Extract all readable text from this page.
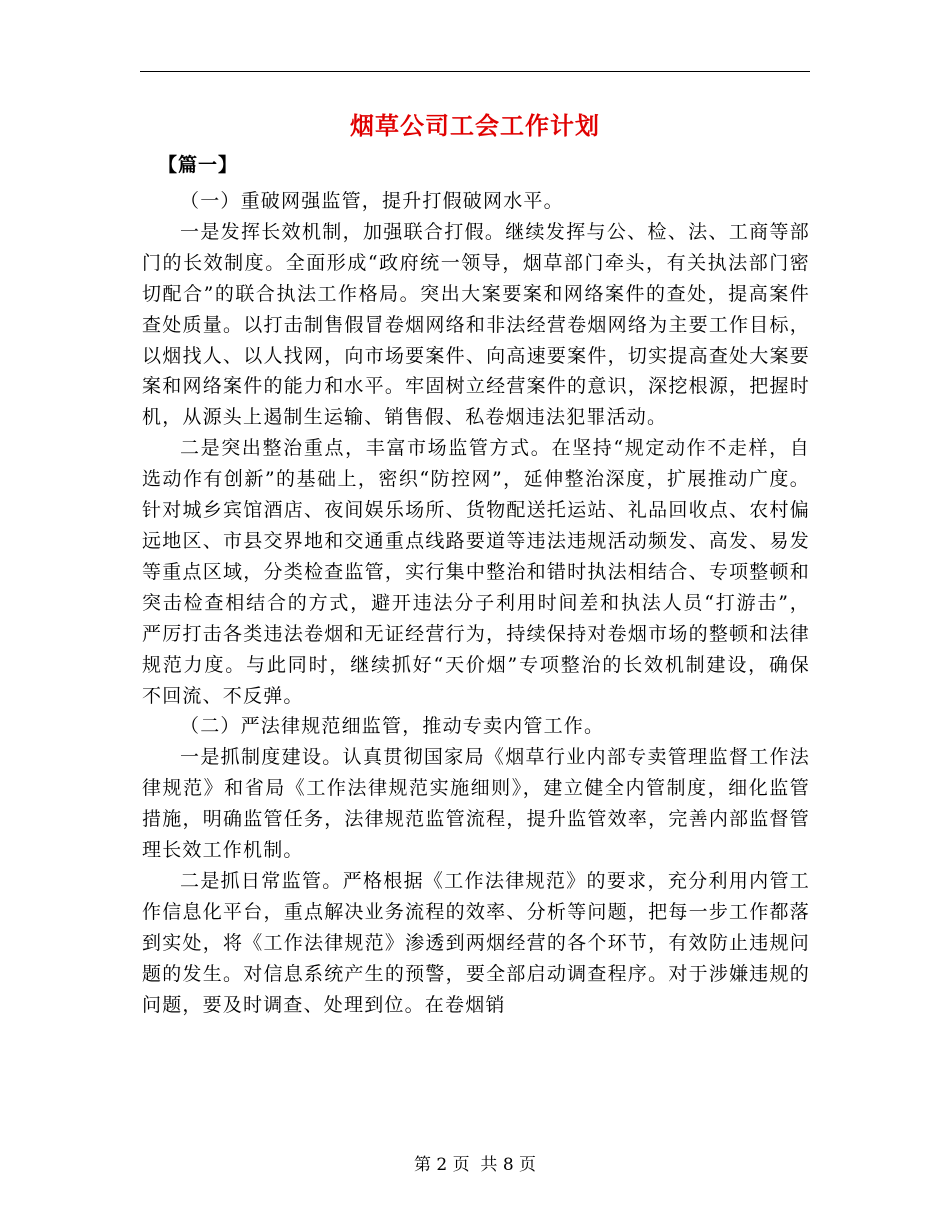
烟草公司工会工作计划
【篇一】

（一）重破网强监管，提升打假破网水平。

一是发挥长效机制，加强联合打假。继续发挥与公、检、法、工商等部门的长效制度。全面形成“政府统一领导，烟草部门牵头，有关执法部门密切配合”的联合执法工作格局。突出大案要案和网络案件的查处，提高案件查处质量。以打击制售假冒卷烟网络和非法经营卷烟网络为主要工作目标，以烟找人、以人找网，向市场要案件、向高速要案件，切实提高查处大案要案和网络案件的能力和水平。牢固树立经营案件的意识，深挖根源，把握时机，从源头上遏制生运输、销售假、私卷烟违法犯罪活动。

二是突出整治重点，丰富市场监管方式。在坚持“规定动作不走样，自选动作有创新”的基础上，密织“防控网”，延伸整治深度，扩展推动广度。针对城乡宾馆酒店、夜间娱乐场所、货物配送托运站、礼品回收点、农村偏远地区、市县交界地和交通重点线路要道等违法违规活动频发、高发、易发等重点区域，分类检查监管，实行集中整治和错时执法相结合、专项整顿和突击检查相结合的方式，避开违法分子利用时间差和执法人员“打游击”，严厉打击各类违法卷烟和无证经营行为，持续保持对卷烟市场的整顿和法律规范力度。与此同时，继续抓好“天价烟”专项整治的长效机制建设，确保不回流、不反弹。

（二）严法律规范细监管，推动专卖内管工作。

一是抓制度建设。认真贯彻国家局《烟草行业内部专卖管理监督工作法律规范》和省局《工作法律规范实施细则》，建立健全内管制度，细化监管措施，明确监管任务，法律规范监管流程，提升监管效率，完善内部监督管理长效工作机制。

二是抓日常监管。严格根据《工作法律规范》的要求，充分利用内管工作信息化平台，重点解决业务流程的效率、分析等问题，把每一步工作都落到实处，将《工作法律规范》渗透到两烟经营的各个环节，有效防止违规问题的发生。对信息系统产生的预警，要全部启动调查程序。对于涉嫌违规的问题，要及时调查、处理到位。在卷烟销

第 2 页  共 8 页
